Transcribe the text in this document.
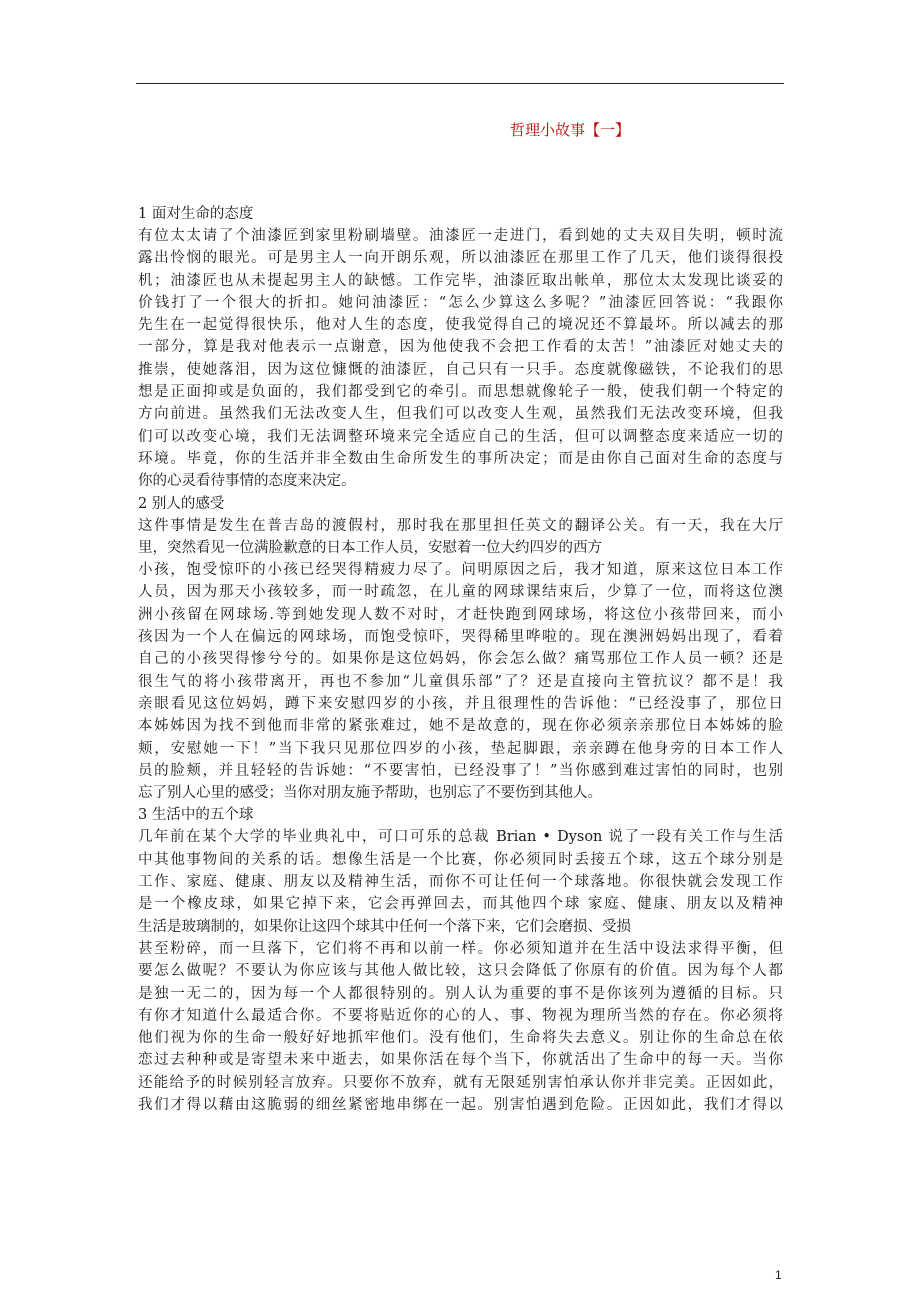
哲理小故事【一】
1 面对生命的态度
有位太太请了个油漆匠到家里粉刷墙壁。油漆匠一走进门，看到她的丈夫双目失明，顿时流
露出怜悯的眼光。可是男主人一向开朗乐观，所以油漆匠在那里工作了几天，他们谈得很投
机；油漆匠也从未提起男主人的缺憾。工作完毕，油漆匠取出帐单，那位太太发现比谈妥的
价钱打了一个很大的折扣。她问油漆匠：“怎么少算这么多呢？”油漆匠回答说：“我跟你
先生在一起觉得很快乐，他对人生的态度，使我觉得自己的境况还不算最坏。所以减去的那
一部分，算是我对他表示一点谢意，因为他使我不会把工作看的太苦！”油漆匠对她丈夫的
推崇，使她落泪，因为这位慷慨的油漆匠，自己只有一只手。态度就像磁铁，不论我们的思
想是正面抑或是负面的，我们都受到它的牵引。而思想就像轮子一般，使我们朝一个特定的
方向前进。虽然我们无法改变人生，但我们可以改变人生观，虽然我们无法改变环境，但我
们可以改变心境，我们无法调整环境来完全适应自己的生活，但可以调整态度来适应一切的
环境。毕竟，你的生活并非全数由生命所发生的事所决定；而是由你自己面对生命的态度与
你的心灵看待事情的态度来决定。
2 别人的感受
这件事情是发生在普吉岛的渡假村，那时我在那里担任英文的翻译公关。有一天，我在大厅
里，突然看见一位满脸歉意的日本工作人员，安慰着一位大约四岁的西方
小孩，饱受惊吓的小孩已经哭得精疲力尽了。问明原因之后，我才知道，原来这位日本工作
人员，因为那天小孩较多，而一时疏忽，在儿童的网球课结束后，少算了一位，而将这位澳
洲小孩留在网球场.等到她发现人数不对时，才赶快跑到网球场，将这位小孩带回来，而小
孩因为一个人在偏远的网球场，而饱受惊吓，哭得稀里哗啦的。现在澳洲妈妈出现了，看着
自己的小孩哭得惨兮兮的。如果你是这位妈妈，你会怎么做？痛骂那位工作人员一顿？还是
很生气的将小孩带离开，再也不参加“儿童俱乐部”了？还是直接向主管抗议？都不是！我
亲眼看见这位妈妈，蹲下来安慰四岁的小孩，并且很理性的告诉他：“已经没事了，那位日
本姊姊因为找不到他而非常的紧张难过，她不是故意的，现在你必须亲亲那位日本姊姊的脸
颊，安慰她一下！”当下我只见那位四岁的小孩，垫起脚跟，亲亲蹲在他身旁的日本工作人
员的脸颊，并且轻轻的告诉她：“不要害怕，已经没事了！”当你感到难过害怕的同时，也别
忘了别人心里的感受；当你对朋友施予帮助，也别忘了不要伤到其他人。
3 生活中的五个球
几年前在某个大学的毕业典礼中，可口可乐的总裁 Brian • Dyson 说了一段有关工作与生活
中其他事物间的关系的话。想像生活是一个比赛，你必须同时丢接五个球，这五个球分别是
工作、家庭、健康、朋友以及精神生活，而你不可让任何一个球落地。你很快就会发现工作
是一个橡皮球，如果它掉下来，它会再弹回去，而其他四个球 家庭、健康、朋友以及精神
生活是玻璃制的，如果你让这四个球其中任何一个落下来，它们会磨损、受损
甚至粉碎，而一旦落下，它们将不再和以前一样。你必须知道并在生活中设法求得平衡，但
要怎么做呢？不要认为你应该与其他人做比较，这只会降低了你原有的价值。因为每个人都
是独一无二的，因为每一个人都很特别的。别人认为重要的事不是你该列为遵循的目标。只
有你才知道什么最适合你。不要将贴近你的心的人、事、物视为理所当然的存在。你必须将
他们视为你的生命一般好好地抓牢他们。没有他们，生命将失去意义。别让你的生命总在依
恋过去种种或是寄望未来中逝去，如果你活在每个当下，你就活出了生命中的每一天。当你
还能给予的时候别轻言放弃。只要你不放弃，就有无限延别害怕承认你并非完美。正因如此，
我们才得以藉由这脆弱的细丝紧密地串绑在一起。别害怕遇到危险。正因如此，我们才得以
1
